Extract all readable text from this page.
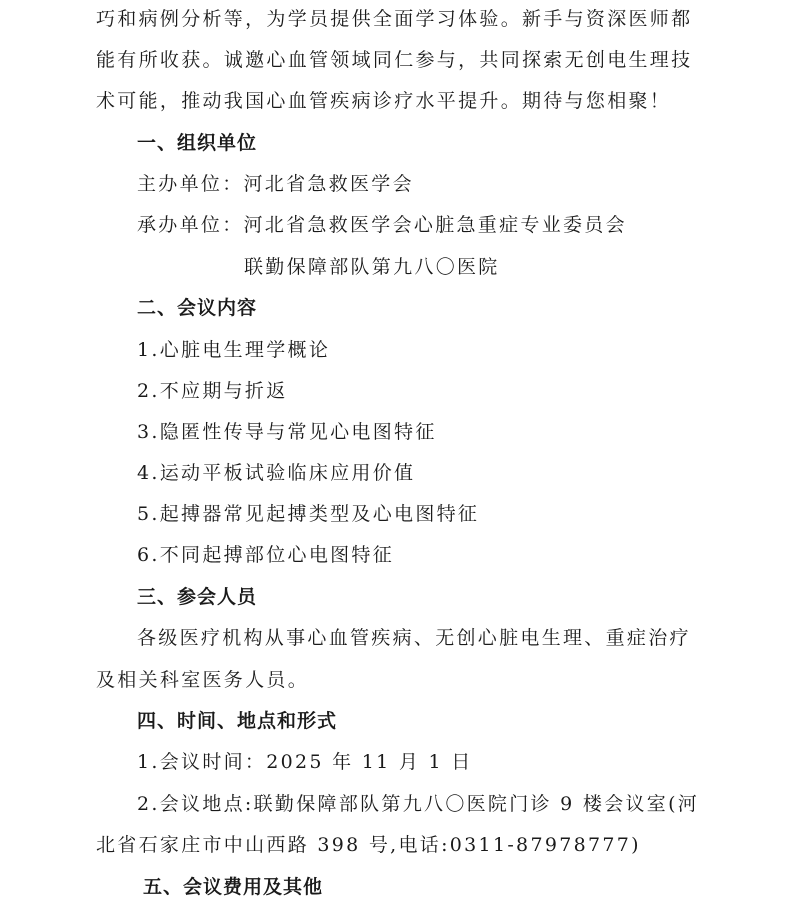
巧和病例分析等，为学员提供全面学习体验。新手与资深医师都
能有所收获。诚邀心血管领域同仁参与，共同探索无创电生理技
术可能，推动我国心血管疾病诊疗水平提升。期待与您相聚！
一、组织单位
主办单位：河北省急救医学会
承办单位：河北省急救医学会心脏急重症专业委员会
联勤保障部队第九八〇医院
二、会议内容
1.心脏电生理学概论
2.不应期与折返
3.隐匿性传导与常见心电图特征
4.运动平板试验临床应用价值
5.起搏器常见起搏类型及心电图特征
6.不同起搏部位心电图特征
三、参会人员
各级医疗机构从事心血管疾病、无创心脏电生理、重症治疗
及相关科室医务人员。
四、时间、地点和形式
1.会议时间：2025 年 11 月 1 日
2.会议地点:联勤保障部队第九八〇医院门诊 9 楼会议室(河
北省石家庄市中山西路 398 号,电话:0311-87978777)
五、会议费用及其他
